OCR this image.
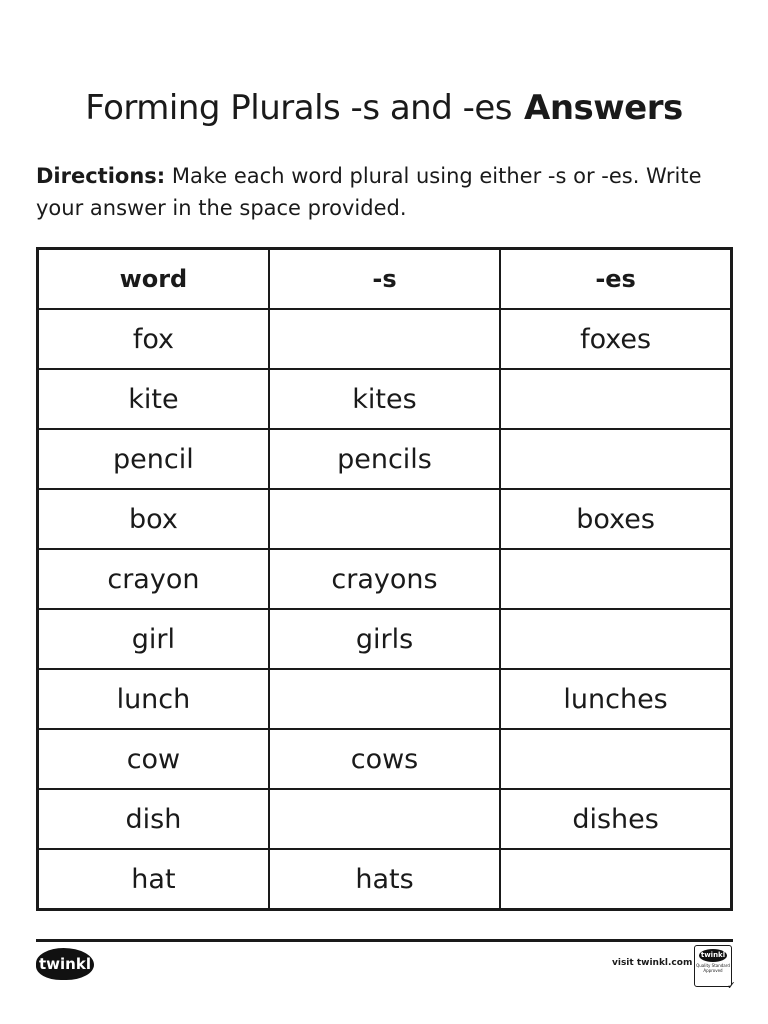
Forming Plurals -s and -es Answers
Directions: Make each word plural using either -s or -es. Write your answer in the space provided.
word	-s	-es
fox		foxes
kite	kites	
pencil	pencils	
box		boxes
crayon	crayons	
girl	girls	
lunch		lunches
cow	cows	
dish		dishes
hat	hats	
twinkl	visit twinkl.com
twinkl
Quality Standard Approved
✓
